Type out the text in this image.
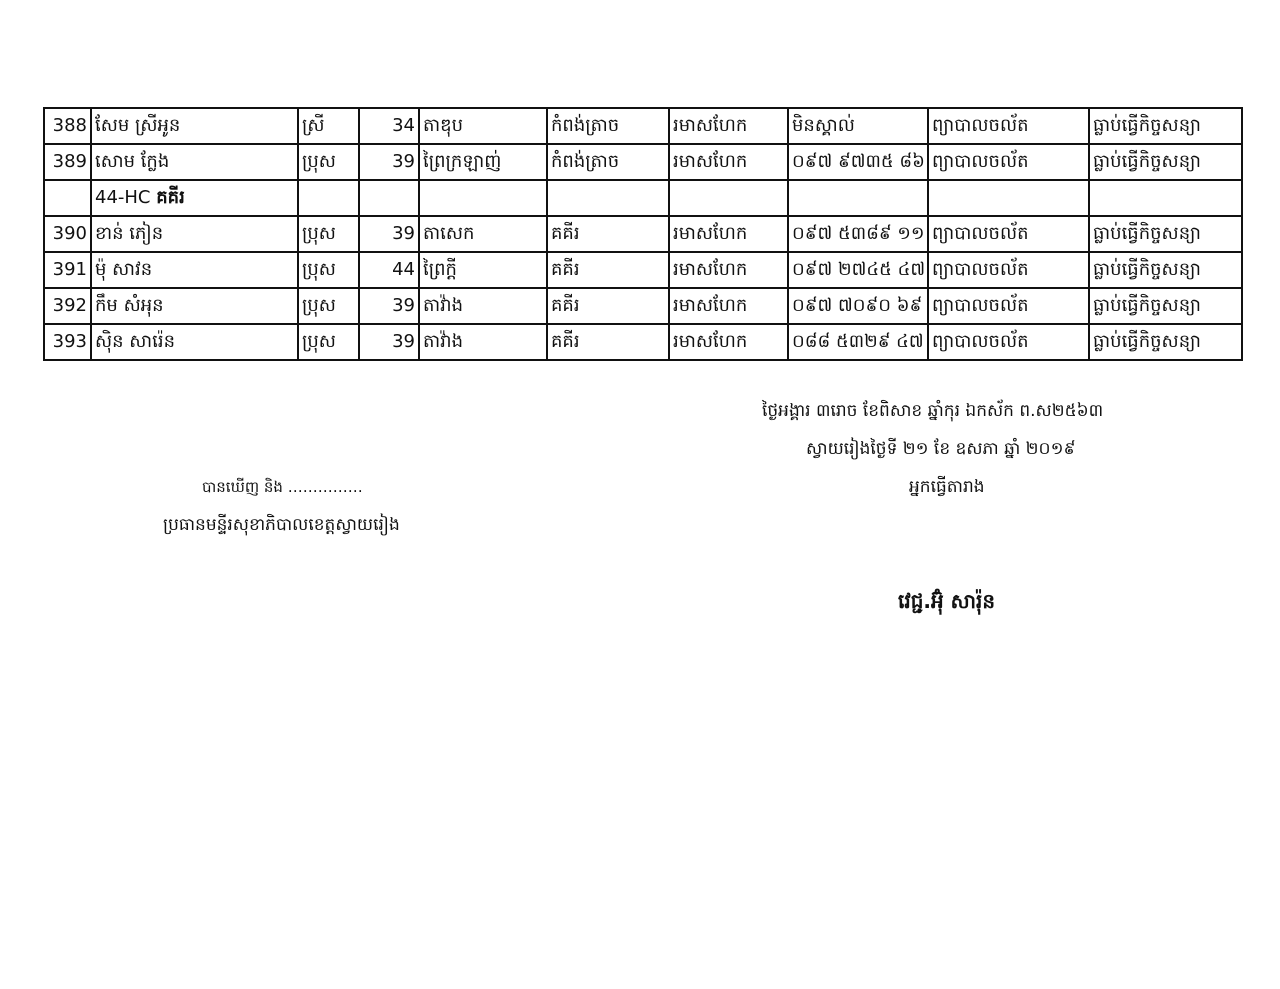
388	សែម ស្រីអូន	ស្រី	34	តាឌុប	កំពង់ត្រាច	រមាសហែក	មិនស្គាល់	ព្យាបាលចល័ត	ធ្លាប់ធ្វើកិច្ចសន្យា
389	សោម ក្លែង	ប្រុស	39	ព្រៃក្រឡាញ់	កំពង់ត្រាច	រមាសហែក	០៩៧ ៩៧៣៥ ៨៦	ព្យាបាលចល័ត	ធ្លាប់ធ្វើកិច្ចសន្យា
	44-HC គគីរ								
390	ខាន់ ភៀន	ប្រុស	39	តាសេក	គគីរ	រមាសហែក	០៩៧ ៥៣៨៩ ១១	ព្យាបាលចល័ត	ធ្លាប់ធ្វើកិច្ចសន្យា
391	ម៉ុ សាវន	ប្រុស	44	ព្រៃក្តី	គគីរ	រមាសហែក	០៩៧ ២៧៤៥ ៤៧	ព្យាបាលចល័ត	ធ្លាប់ធ្វើកិច្ចសន្យា
392	កឹម សំអុន	ប្រុស	39	តាវ៉ាង	គគីរ	រមាសហែក	០៩៧ ៧០៩០ ៦៩	ព្យាបាលចល័ត	ធ្លាប់ធ្វើកិច្ចសន្យា
393	ស៊ិន សារ៉េន	ប្រុស	39	តាវ៉ាង	គគីរ	រមាសហែក	០៨៨ ៥៣២៩ ៤៧	ព្យាបាលចល័ត	ធ្លាប់ធ្វើកិច្ចសន្យា
ថ្ងៃអង្គារ ៣រោច ខែពិសាខ ឆ្នាំកុរ ឯកស័ក ព.ស២៥៦៣
ស្វាយរៀងថ្ងៃទី ២១ ខែ ឧសភា ឆ្នាំ ២០១៩
អ្នកធ្វើតារាង
បានឃើញ និង ……………
ប្រធានមន្ទីរសុខាភិបាលខេត្តស្វាយរៀង
វេជ្ជ.អ៊ុំ សារ៉ុន
